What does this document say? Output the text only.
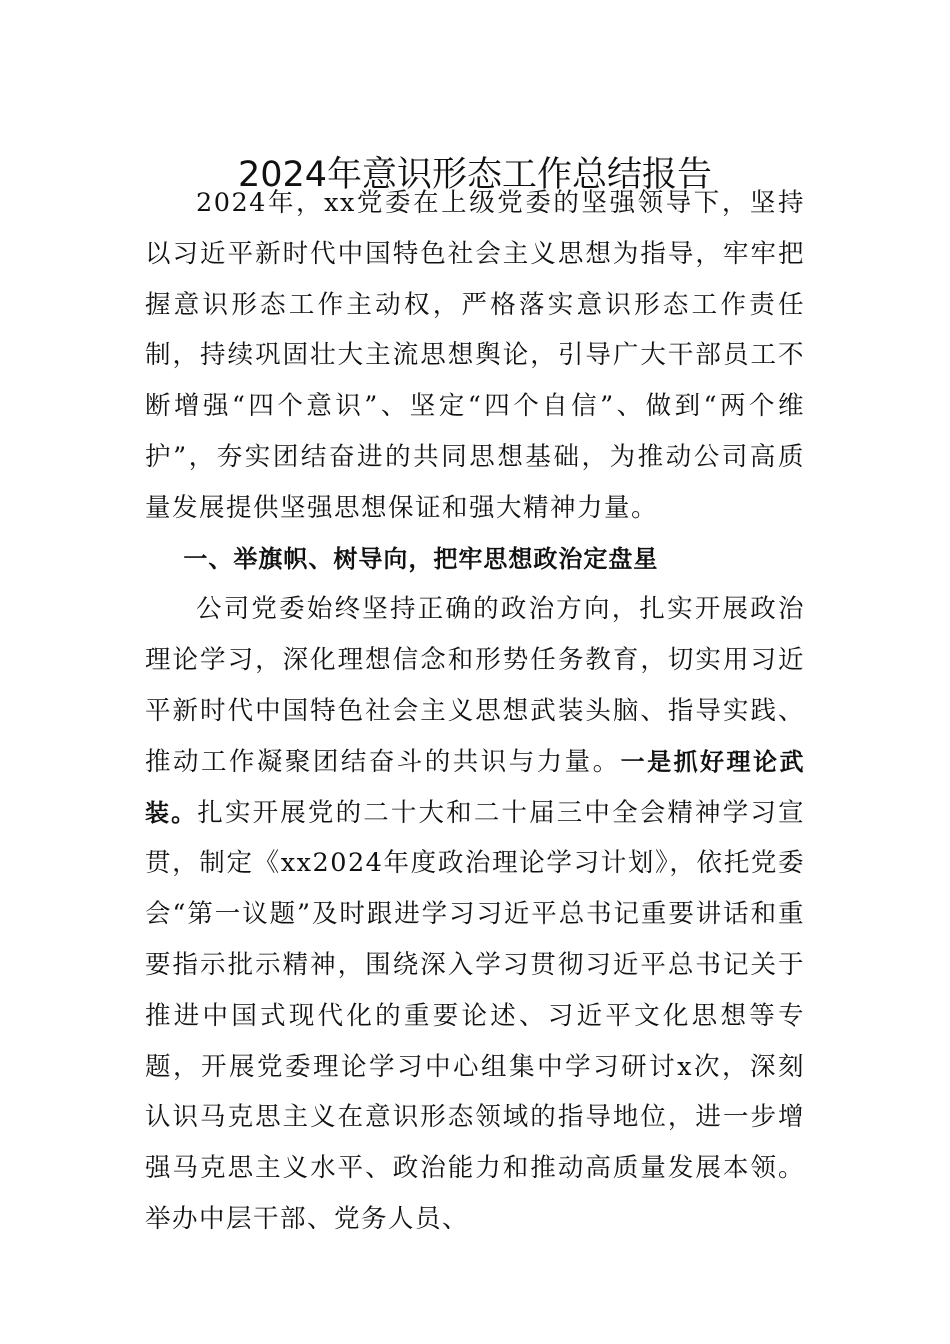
2024年意识形态工作总结报告

2024年，xx党委在上级党委的坚强领导下，坚持以习近平新时代中国特色社会主义思想为指导，牢牢把握意识形态工作主动权，严格落实意识形态工作责任制，持续巩固壮大主流思想舆论，引导广大干部员工不断增强“四个意识”、坚定“四个自信”、做到“两个维护”，夯实团结奋进的共同思想基础，为推动公司高质量发展提供坚强思想保证和强大精神力量。

一、举旗帜、树导向，把牢思想政治定盘星

公司党委始终坚持正确的政治方向，扎实开展政治理论学习，深化理想信念和形势任务教育，切实用习近平新时代中国特色社会主义思想武装头脑、指导实践、推动工作凝聚团结奋斗的共识与力量。一是抓好理论武装。扎实开展党的二十大和二十届三中全会精神学习宣贯，制定《xx2024年度政治理论学习计划》，依托党委会“第一议题”及时跟进学习习近平总书记重要讲话和重要指示批示精神，围绕深入学习贯彻习近平总书记关于推进中国式现代化的重要论述、习近平文化思想等专题，开展党委理论学习中心组集中学习研讨x次，深刻认识马克思主义在意识形态领域的指导地位，进一步增强马克思主义水平、政治能力和推动高质量发展本领。举办中层干部、党务人员、
